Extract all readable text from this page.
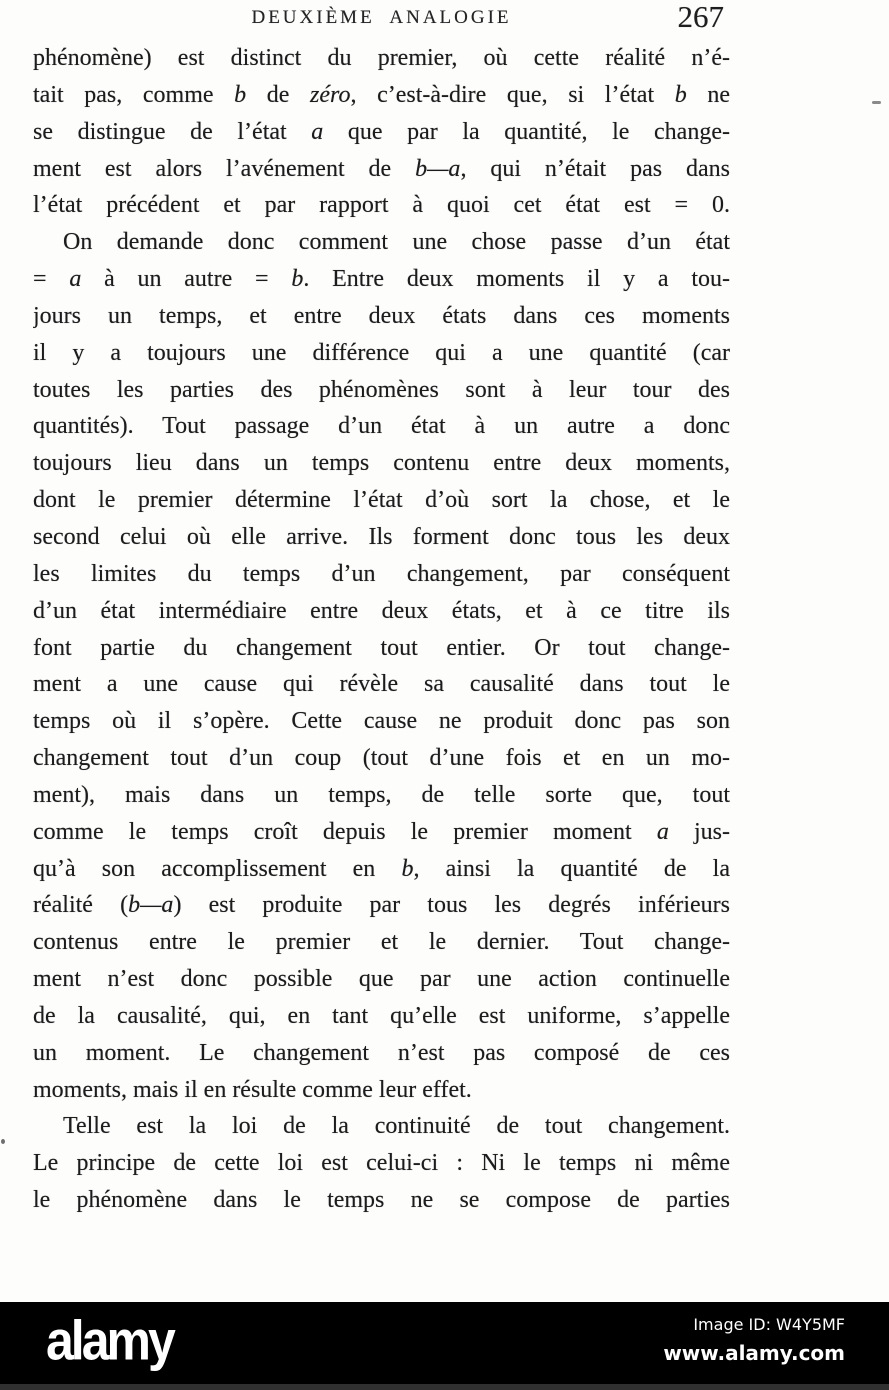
DEUXIÈME ANALOGIE	267
phénomène) est distinct du premier, où cette réalité n’é-
tait pas, comme b de zéro, c’est-à-dire que, si l’état b ne
se distingue de l’état a que par la quantité, le change-
ment est alors l’avénement de b—a, qui n’était pas dans
l’état précédent et par rapport à quoi cet état est = 0.
On demande donc comment une chose passe d’un état
= a à un autre = b. Entre deux moments il y a tou-
jours un temps, et entre deux états dans ces moments
il y a toujours une différence qui a une quantité (car
toutes les parties des phénomènes sont à leur tour des
quantités). Tout passage d’un état à un autre a donc
toujours lieu dans un temps contenu entre deux moments,
dont le premier détermine l’état d’où sort la chose, et le
second celui où elle arrive. Ils forment donc tous les deux
les limites du temps d’un changement, par conséquent
d’un état intermédiaire entre deux états, et à ce titre ils
font partie du changement tout entier. Or tout change-
ment a une cause qui révèle sa causalité dans tout le
temps où il s’opère. Cette cause ne produit donc pas son
changement tout d’un coup (tout d’une fois et en un mo-
ment), mais dans un temps, de telle sorte que, tout
comme le temps croît depuis le premier moment a jus-
qu’à son accomplissement en b, ainsi la quantité de la
réalité (b—a) est produite par tous les degrés inférieurs
contenus entre le premier et le dernier. Tout change-
ment n’est donc possible que par une action continuelle
de la causalité, qui, en tant qu’elle est uniforme, s’appelle
un moment. Le changement n’est pas composé de ces
moments, mais il en résulte comme leur effet.
Telle est la loi de la continuité de tout changement.
Le principe de cette loi est celui-ci : Ni le temps ni même
le phénomène dans le temps ne se compose de parties
alamy	Image ID: W4Y5MF
www.alamy.com
